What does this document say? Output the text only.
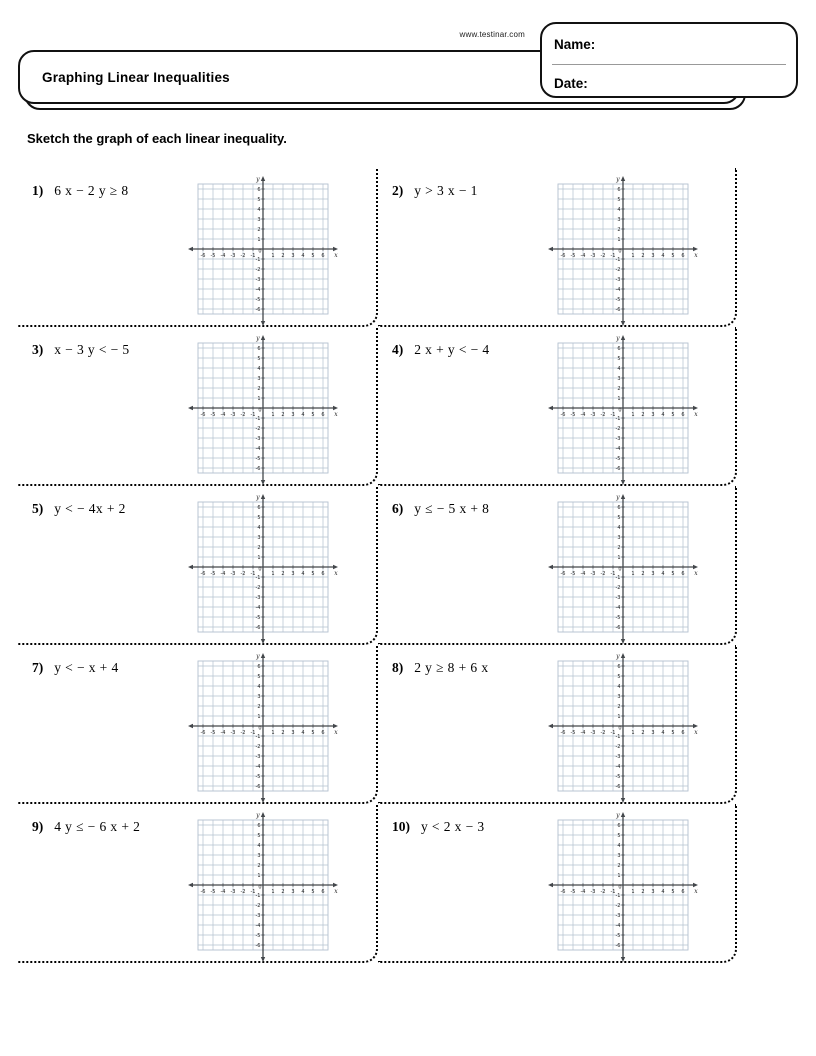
www.testinar.com
Graphing Linear Inequalities
Name:
Date:
Sketch the graph of each linear inequality.
1) 6 x − 2 y ≥ 8
-6 -5 -4 -3 -2 -1	1 2 3 4 5 6
-6
-5
-4
-3
-2
-1
1
2
3
4
5
6
0
y
x
2) y > 3 x − 1
-6 -5 -4 -3 -2 -1	1 2 3 4 5 6
-6
-5
-4
-3
-2
-1
1
2
3
4
5
6
0
y
x
3) x − 3 y < − 5
-6 -5 -4 -3 -2 -1	1 2 3 4 5 6
-6
-5
-4
-3
-2
-1
1
2
3
4
5
6
0
y
x
4) 2 x + y < − 4
-6 -5 -4 -3 -2 -1	1 2 3 4 5 6
-6
-5
-4
-3
-2
-1
1
2
3
4
5
6
0
y
x
5) y < − 4x + 2
-6 -5 -4 -3 -2 -1	1 2 3 4 5 6
-6
-5
-4
-3
-2
-1
1
2
3
4
5
6
0
y
x
6) y ≤ − 5 x + 8
-6 -5 -4 -3 -2 -1	1 2 3 4 5 6
-6
-5
-4
-3
-2
-1
1
2
3
4
5
6
0
y
x
7) y < − x + 4
-6 -5 -4 -3 -2 -1	1 2 3 4 5 6
-6
-5
-4
-3
-2
-1
1
2
3
4
5
6
0
y
x
8) 2 y ≥ 8 + 6 x
-6 -5 -4 -3 -2 -1	1 2 3 4 5 6
-6
-5
-4
-3
-2
-1
1
2
3
4
5
6
0
y
x
9) 4 y ≤ − 6 x + 2
-6 -5 -4 -3 -2 -1	1 2 3 4 5 6
-6
-5
-4
-3
-2
-1
1
2
3
4
5
6
0
y
x
10) y < 2 x − 3
-6 -5 -4 -3 -2 -1	1 2 3 4 5 6
-6
-5
-4
-3
-2
-1
1
2
3
4
5
6
0
y
x
